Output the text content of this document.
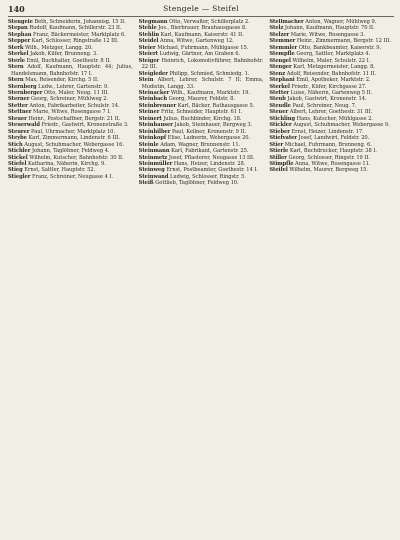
140	Stengele — Steifel

Stengele Beth, Schneiderin, Johannisg. 15 II.

Stepan Rudolf, Kaufmann, Schillerstr. 23 II.

Stephan Franz, Bäckermeister, Marktplatz 6.

Stepper Karl, Schlosser, Ringstraße 12 III.

Sterk Wilh., Metzger, Langg. 20.

Sterkel Jakob, Küfer, Brunneng. 3.

Sterle Emil, Buchhalter, Goethestr. 8 II.

Stern Adolf, Kaufmann, Hauptstr. 44; Julius, Handelsmann, Bahnhofstr. 17 I.

Stern Max, Reisender, Kirchg. 5 II.

Sternberg Ludw., Lehrer, Gartenstr. 9.

Sternberger Otto, Maler, Neug. 11 III.

Sterner Georg, Schreiner, Mühlweg 2.

Stetter Anton, Fabrikarbeiter, Schulstr. 14.

Stettner Marie, Witwe, Rosengasse 7 I.

Steuer Heinr., Postschaffner, Bergstr. 21 II.

Steuerwald Friedr., Gastwirt, Kronenstraße 3.

Steurer Paul, Uhrmacher, Marktplatz 10.

Steybe Karl, Zimmermann, Lindenstr. 6 III.

Stich August, Schuhmacher, Webergasse 16.

Stichler Johann, Taglöhner, Feldweg 4.

Stickel Wilhelm, Kutscher, Bahnhofstr. 30 II.

Stiefel Katharina, Näherin, Kirchg. 9.

Stieg Ernst, Sattler, Hauptstr. 52.

Stiegler Franz, Schreiner, Neugasse 4 I.

Stegmann Otto, Verwalter, Schillerplatz 2.

Stehle Jos., Bierbrauer, Brauhausgasse 8.

Stehlin Karl, Kaufmann, Kaiserstr. 41 II.

Steidel Anna, Witwe, Gartenweg 12.

Steier Michael, Fuhrmann, Mühlgasse 15.

Steiert Ludwig, Gärtner, Am Graben 6.

Steiger Heinrich, Lokomotivführer, Bahnhofstr. 22 III.

Steigleder Philipp, Schmied, Schmiedg. 1.

Stein Albert, Lehrer, Schulstr. 7 II; Emma, Modistin, Langg. 33.

Steinacker Wilh., Kaufmann, Marktstr. 19.

Steinbach Georg, Maurer, Feldstr. 8.

Steinbrenner Karl, Bäcker, Rathausgasse 5.

Steiner Fritz, Schneider, Hauptstr. 61 I.

Steinert Julius, Buchbinder, Kirchg. 18.

Steinhauser Jakob, Steinhauer, Bergweg 3.

Steinhilber Paul, Kellner, Kronenstr. 9 II.

Steinkopf Elise, Ladnerin, Webergasse 20.

Steinle Adam, Wagner, Brunnenstr. 11.

Steinmann Karl, Fabrikant, Gartenstr. 25.

Steinmetz Josef, Pflasterer, Neugasse 13 III.

Steinmüller Hans, Heizer, Lindenstr. 28.

Steinweg Ernst, Postbeamter, Goethestr. 14 I.

Steinwand Ludwig, Schlosser, Ringstr. 5.

Steiß Gottlieb, Taglöhner, Feldweg 10.

Stellmacher Anton, Wagner, Mühlweg 9.

Stelz Johann, Kaufmann, Hauptstr. 70 II.

Stelzer Marie, Witwe, Rosengasse 3.

Stemmer Heinr., Zimmermann, Bergstr. 12 III.

Stemmler Otto, Bankbeamter, Kaiserstr. 9.

Stempfle Georg, Sattler, Marktplatz 4.

Stengel Wilhelm, Maler, Schulstr. 22 I.

Stenger Karl, Metzgermeister, Langg. 8.

Stenz Adolf, Reisender, Bahnhofstr. 11 II.

Stephani Emil, Apotheker, Marktstr. 2.

Sterkel Friedr., Küfer, Kirchgasse 27.

Stetter Luise, Näherin, Gartenweg 5 II.

Steub Jakob, Gastwirt, Kronenstr. 14.

Steudle Paul, Schreiner, Neug. 7.

Steuer Albert, Lehrer, Goethestr. 31 III.

Stichling Hans, Kutscher, Mühlgasse 2.

Stickler August, Schuhmacher, Webergasse 9.

Stieber Ernst, Heizer, Lindenstr. 17.

Stiefvater Josef, Landwirt, Feldstr. 20.

Stier Michael, Fuhrmann, Brunneng. 6.

Stierle Karl, Buchdrucker, Hauptstr. 38 I.

Stiller Georg, Schlosser, Ringstr. 19 II.

Stimpfle Anna, Witwe, Rosengasse 11.

Steifel Wilhelm, Maurer, Bergweg 15.
